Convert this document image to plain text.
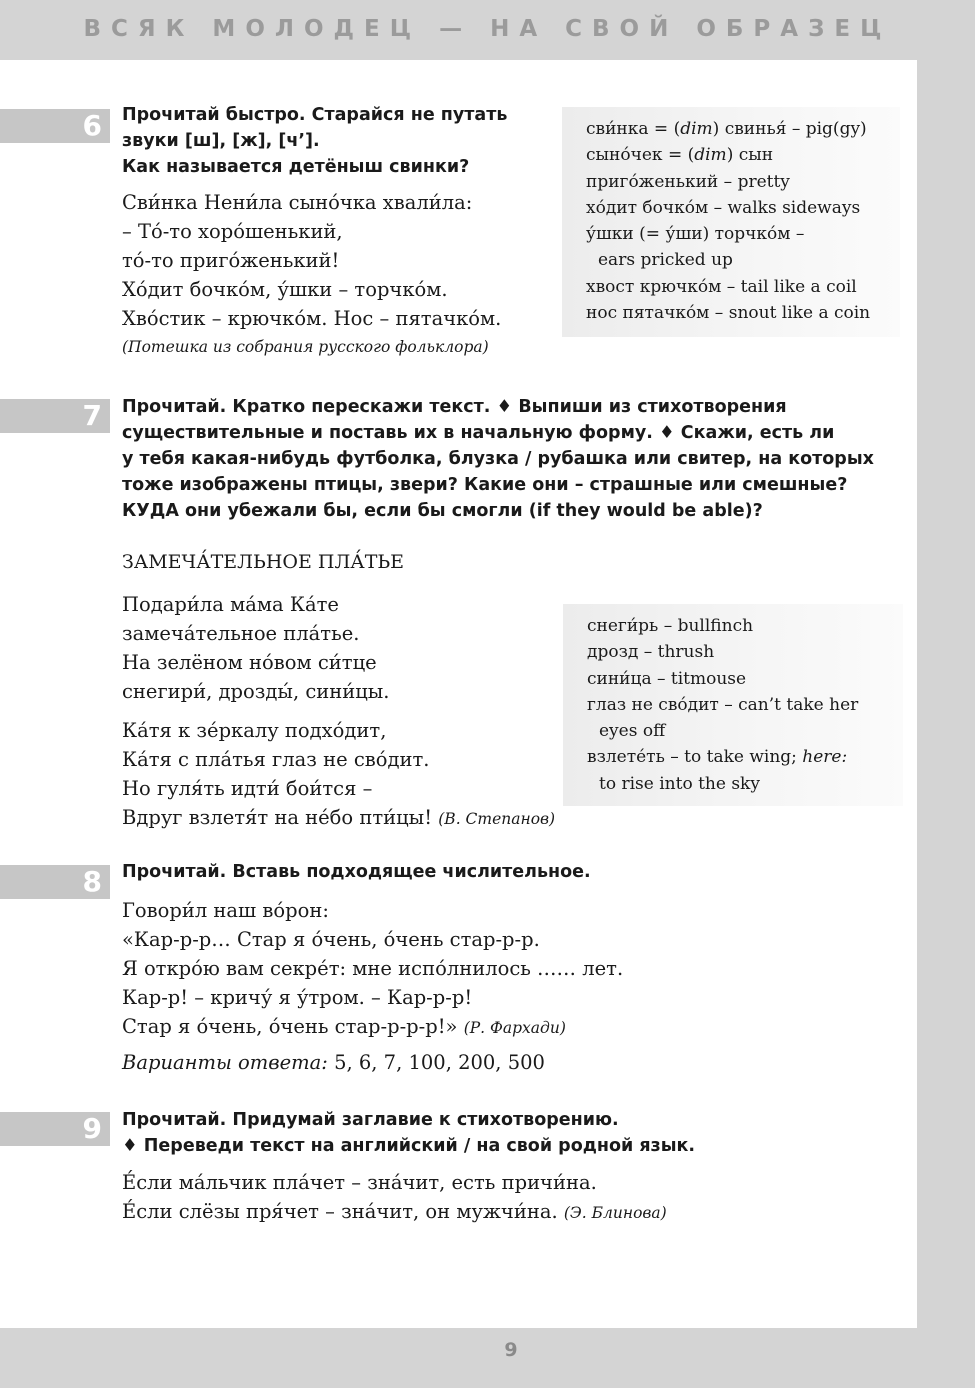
ВСЯК МОЛОДЕЦ — НА СВОЙ ОБРАЗЕЦ
9
6	Прочитай быстро. Старайся не путать
звуки [ш], [ж], [ч’].
Как называется детёныш свинки?
Сви́нка Нени́ла сыно́чка хвали́ла:
– То́-то хоро́шенький,
то́-то приго́женький!
Хо́дит бочко́м, у́шки – торчко́м.
Хво́стик – крючко́м. Нос – пятачко́м.
(Потешка из собрания русского фольклора)
сви́нка = (dim) свинья́ – pig(gy)
сыно́чек = (dim) сын
приго́женький – pretty
хо́дит бочко́м – walks sideways
у́шки (= у́ши) торчко́м –
ears pricked up
хвост крючко́м – tail like a coil
нос пятачко́м – snout like a coin
7	Прочитай. Кратко перескажи текст. ♦ Выпиши из стихотворения
существительные и поставь их в начальную форму. ♦ Скажи, есть ли
у тебя какая-нибудь футболка, блузка / рубашка или свитер, на которых
тоже изображены птицы, звери? Какие они – страшные или смешные?
КУДА они убежали бы, если бы смогли (if they would be able)?
ЗАМЕЧА́ТЕЛЬНОЕ ПЛА́ТЬЕ
Подари́ла ма́ма Ка́те
замеча́тельное пла́тье.
На зелёном но́вом си́тце
снегири́, дрозды́, сини́цы.
Ка́тя к зе́ркалу подхо́дит,
Ка́тя с пла́тья глаз не сво́дит.
Но гуля́ть идти́ бои́тся –
Вдруг взлетя́т на не́бо пти́цы! (В. Степанов)
снеги́рь – bullfinch
дрозд – thrush
сини́ца – titmouse
глаз не сво́дит – can’t take her
eyes off
взлете́ть – to take wing; here:
to rise into the sky
8	Прочитай. Вставь подходящее числительное.
Говори́л наш во́рон:
«Кар-р-р… Стар я о́чень, о́чень стар-р-р.
Я откро́ю вам секре́т: мне испо́лнилось …… лет.
Кар-р! – кричу́ я у́тром. – Кар-р-р!
Стар я о́чень, о́чень стар-р-р-р!» (Р. Фархади)
Варианты ответа: 5, 6, 7, 100, 200, 500
9	Прочитай. Придумай заглавие к стихотворению.
♦ Переведи текст на английский / на свой родной язык.
Е́сли ма́льчик пла́чет – зна́чит, есть причи́на.
Е́сли слёзы пря́чет – зна́чит, он мужчи́на. (Э. Блинова)
